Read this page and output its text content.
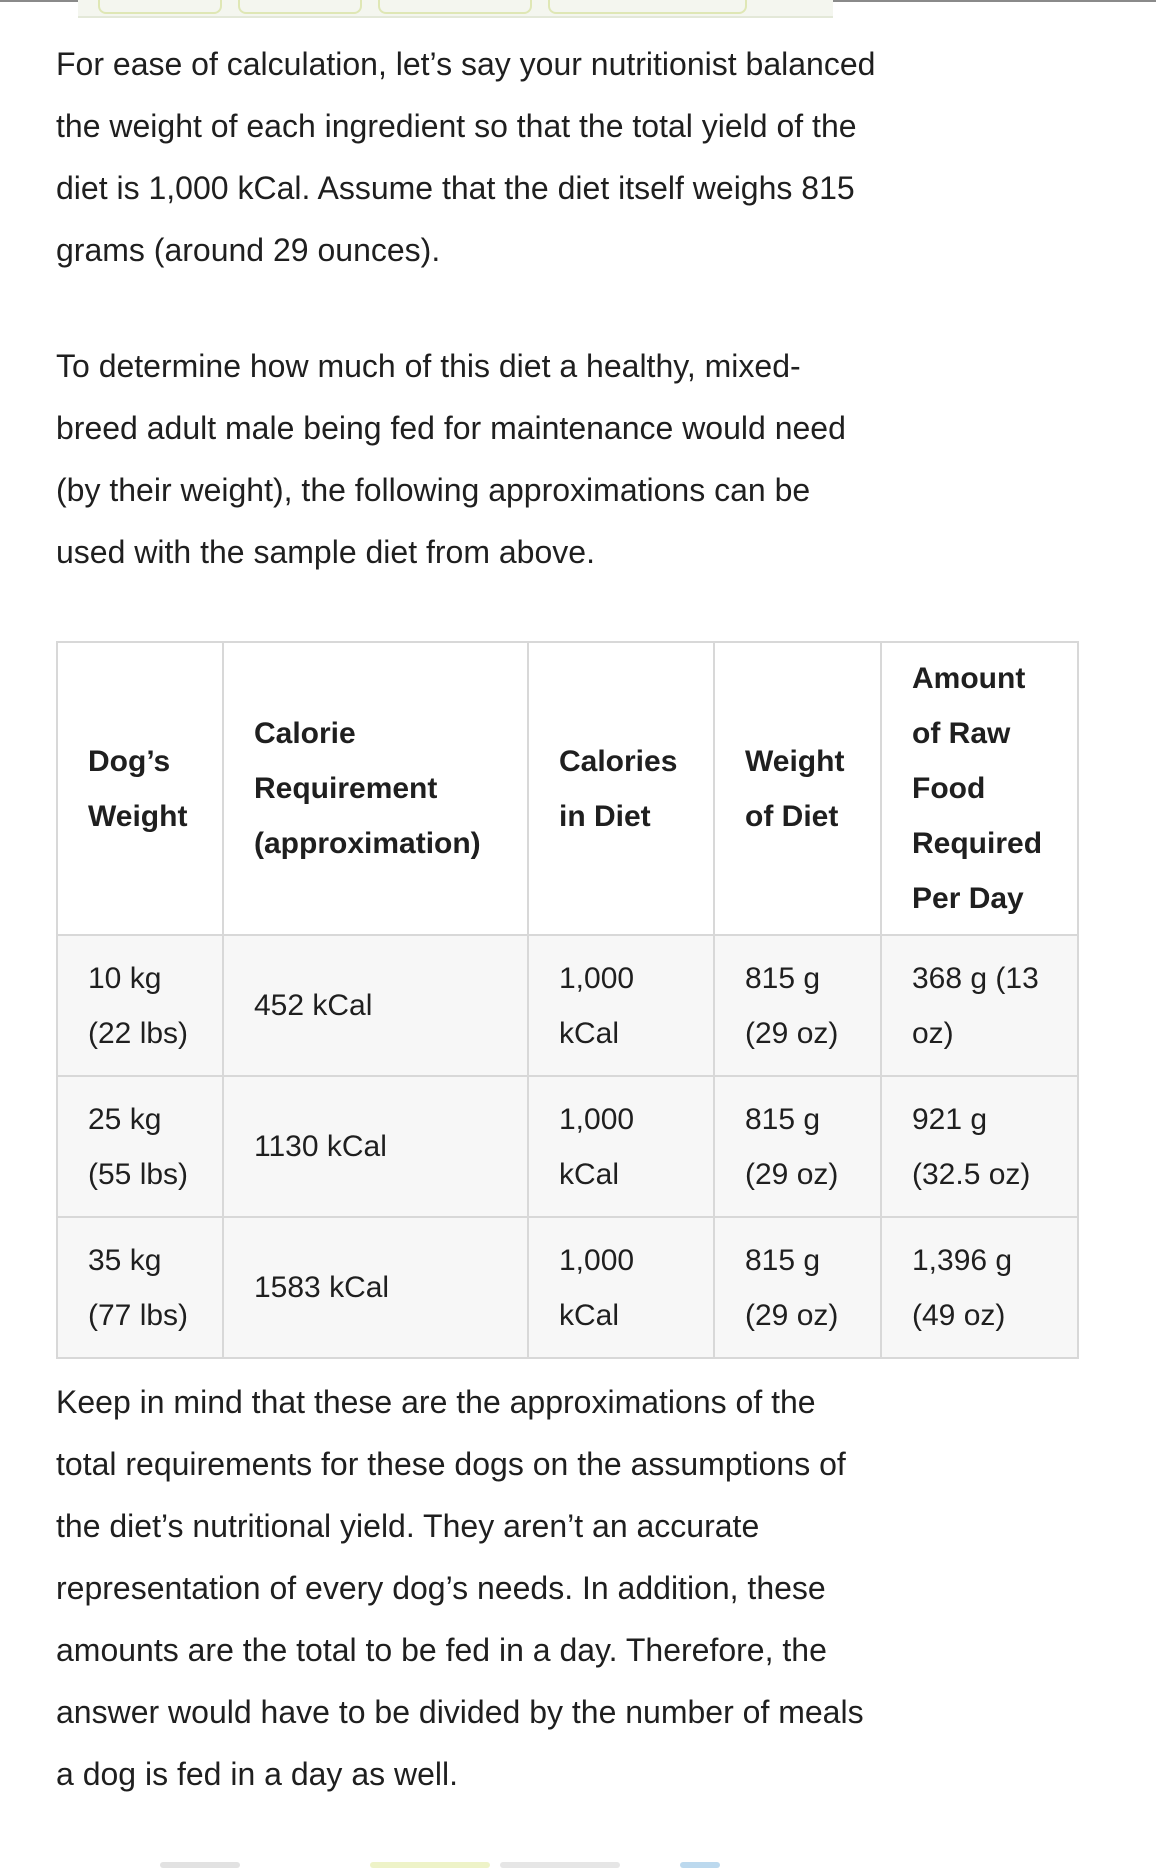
For ease of calculation, let’s say your nutritionist balanced the weight of each ingredient so that the total yield of the diet is 1,000 kCal. Assume that the diet itself weighs 815 grams (around 29 ounces).

To determine how much of this diet a healthy, mixed-breed adult male being fed for maintenance would need (by their weight), the following approximations can be used with the sample diet from above.

Dog’s Weight	Calorie Requirement (approximation)	Calories in Diet	Weight of Diet	Amount of Raw Food Required Per Day
10 kg (22 lbs)	452 kCal	1,000 kCal	815 g (29 oz)	368 g (13 oz)
25 kg (55 lbs)	1130 kCal	1,000 kCal	815 g (29 oz)	921 g (32.5 oz)
35 kg (77 lbs)	1583 kCal	1,000 kCal	815 g (29 oz)	1,396 g (49 oz)

Keep in mind that these are the approximations of the total requirements for these dogs on the assumptions of the diet’s nutritional yield. They aren’t an accurate representation of every dog’s needs. In addition, these amounts are the total to be fed in a day. Therefore, the answer would have to be divided by the number of meals a dog is fed in a day as well.
